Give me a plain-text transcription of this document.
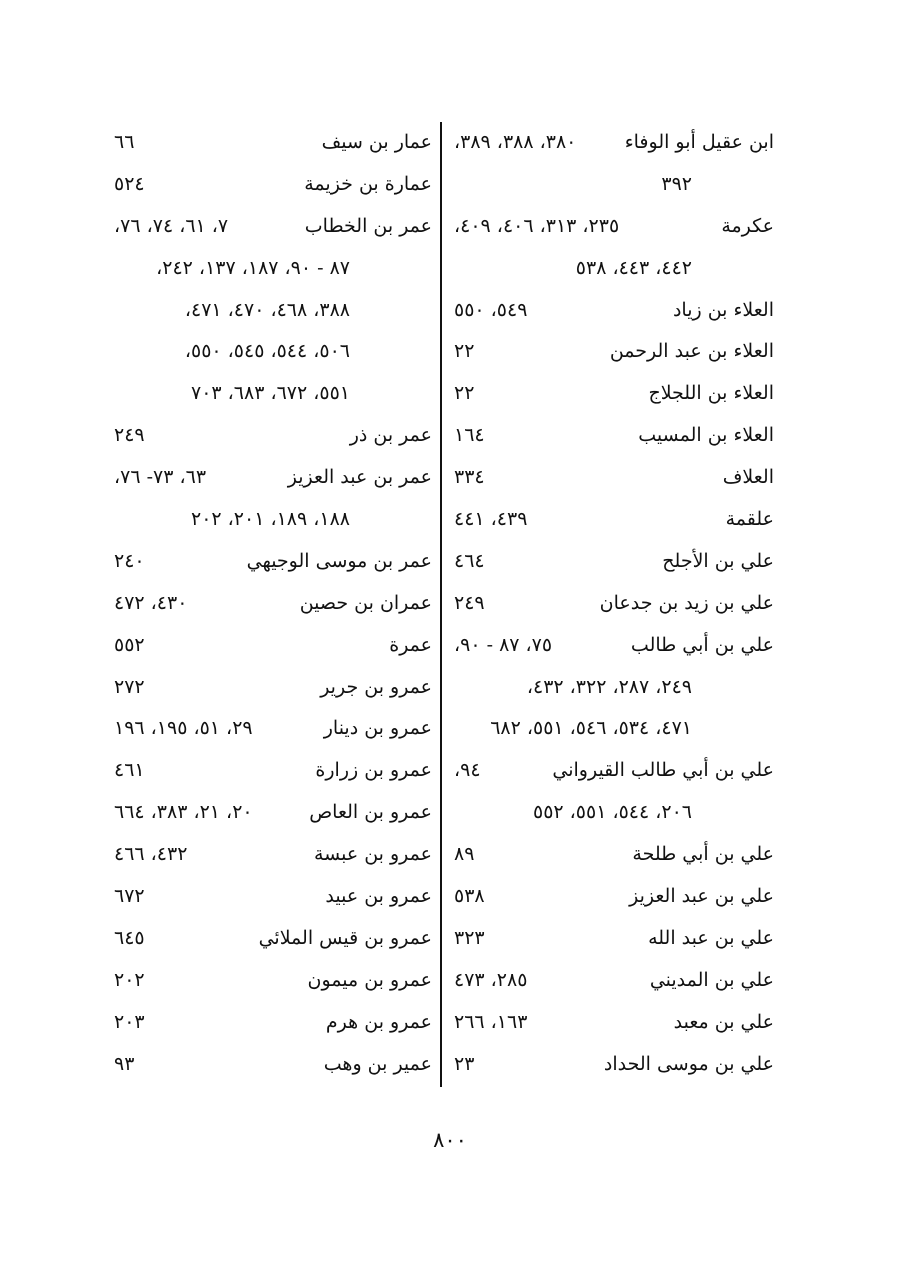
ابن عقيل أبو الوفاء
٣٨٠، ٣٨٨، ٣٨٩،
٣٩٢
عكرمة
٢٣٥، ٣١٣، ٤٠٦، ٤٠٩،
٤٤٢، ٤٤٣، ٥٣٨
العلاء بن زياد
٥٤٩، ٥٥٠
العلاء بن عبد الرحمن
٢٢
العلاء بن اللجلاج
٢٢
العلاء بن المسيب
١٦٤
العلاف
٣٣٤
علقمة
٤٣٩، ٤٤١
علي بن الأجلح
٤٦٤
علي بن زيد بن جدعان
٢٤٩
علي بن أبي طالب
٧٥، ٨٧ - ٩٠،
٢٤٩، ٢٨٧، ٣٢٢، ٤٣٢،
٤٧١، ٥٣٤، ٥٤٦، ٥٥١، ٦٨٢
علي بن أبي طالب القيرواني
٩٤،
٢٠٦، ٥٤٤، ٥٥١، ٥٥٢
علي بن أبي طلحة
٨٩
علي بن عبد العزيز
٥٣٨
علي بن عبد الله
٣٢٣
علي بن المديني
٢٨٥، ٤٧٣
علي بن معبد
١٦٣، ٢٦٦
علي بن موسى الحداد
٢٣
عمار بن سيف
٦٦
عمارة بن خزيمة
٥٢٤
عمر بن الخطاب
٧، ٦١، ٧٤، ٧٦،
٨٧ - ٩٠، ١٨٧، ١٣٧، ٢٤٢،
٣٨٨، ٤٦٨، ٤٧٠، ٤٧١،
٥٠٦، ٥٤٤، ٥٤٥، ٥٥٠،
٥٥١، ٦٧٢، ٦٨٣، ٧٠٣
عمر بن ذر
٢٤٩
عمر بن عبد العزيز
٦٣، ٧٣- ٧٦،
١٨٨، ١٨٩، ٢٠١، ٢٠٢
عمر بن موسى الوجيهي
٢٤٠
عمران بن حصين
٤٣٠، ٤٧٢
عمرة
٥٥٢
عمرو بن جرير
٢٧٢
عمرو بن دينار
٢٩، ٥١، ١٩٥، ١٩٦
عمرو بن زرارة
٤٦١
عمرو بن العاص
٢٠، ٢١، ٣٨٣، ٦٦٤
عمرو بن عبسة
٤٣٢، ٤٦٦
عمرو بن عبيد
٦٧٢
عمرو بن قيس الملائي
٦٤٥
عمرو بن ميمون
٢٠٢
عمرو بن هرم
٢٠٣
عمير بن وهب
٩٣
٨٠٠
